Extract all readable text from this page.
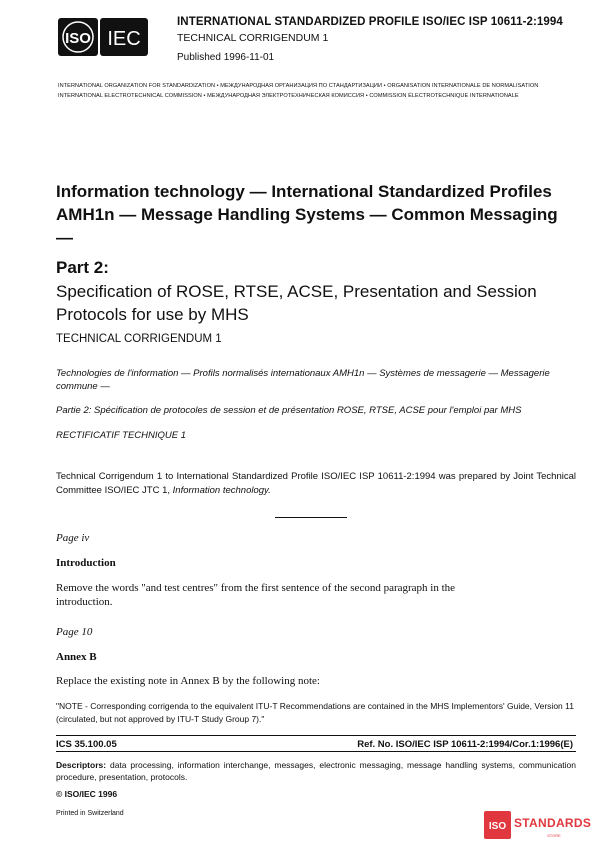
ISO IEC
INTERNATIONAL STANDARDIZED PROFILE ISO/IEC ISP 10611-2:1994
TECHNICAL CORRIGENDUM 1
Published 1996-11-01
INTERNATIONAL ORGANIZATION FOR STANDARDIZATION • МЕЖДУНАРОДНАЯ ОРГАНИЗАЦИЯ ПО СТАНДАРТИЗАЦИИ • ORGANISATION INTERNATIONALE DE NORMALISATION
INTERNATIONAL ELECTROTECHNICAL COMMISSION • МЕЖДУНАРОДНАЯ ЭЛЕКТРОТЕХНИЧЕСКАЯ КОМИССИЯ • COMMISSION ÉLECTROTECHNIQUE INTERNATIONALE
Information technology — International Standardized Profiles AMH1n — Message Handling Systems — Common Messaging —
Part 2:
Specification of ROSE, RTSE, ACSE, Presentation and Session Protocols for use by MHS
TECHNICAL CORRIGENDUM 1
Technologies de l'information — Profils normalisés internationaux AMH1n — Systèmes de messagerie — Messagerie commune —
Partie 2: Spécification de protocoles de session et de présentation ROSE, RTSE, ACSE pour l'emploi par MHS
RECTIFICATIF TECHNIQUE 1
Technical Corrigendum 1 to International Standardized Profile ISO/IEC ISP 10611-2:1994 was prepared by Joint Technical Committee ISO/IEC JTC 1, Information technology.
Page iv
Introduction
Remove the words "and test centres" from the first sentence of the second paragraph in the introduction.
Page 10
Annex B
Replace the existing note in Annex B by the following note:
"NOTE - Corresponding corrigenda to the equivalent ITU-T Recommendations are contained in the MHS Implementors' Guide, Version 11 (circulated, but not approved by ITU-T Study Group 7)."
ICS 35.100.05	Ref. No. ISO/IEC ISP 10611-2:1994/Cor.1:1996(E)
Descriptors: data processing, information interchange, messages, electronic messaging, message handling systems, communication procedure, presentation, protocols.
© ISO/IEC 1996
Printed in Switzerland
ISO STANDARDS
STORE
